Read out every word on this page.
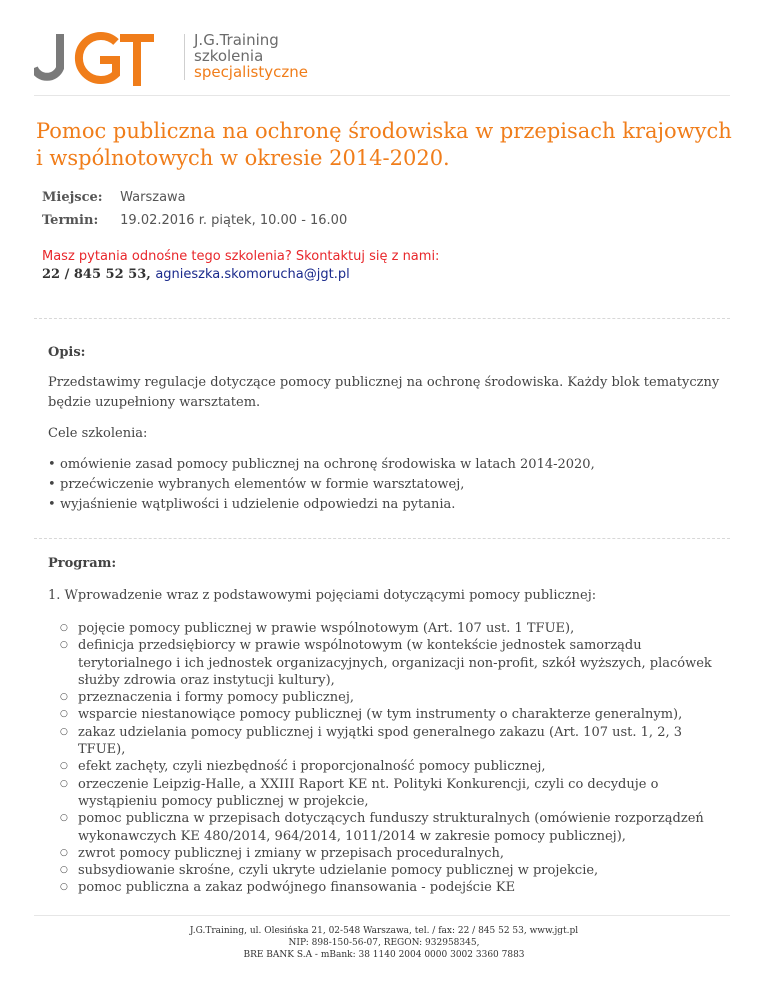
J.G.Training
szkolenia
specjalistyczne
Pomoc publiczna na ochronę środowiska w przepisach krajowych i wspólnotowych w okresie 2014-2020.
Miejsce: Warszawa
Termin: 19.02.2016 r. piątek, 10.00 - 16.00
Masz pytania odnośne tego szkolenia? Skontaktuj się z nami:
22 / 845 52 53, agnieszka.skomorucha@jgt.pl
Opis:
Przedstawimy regulacje dotyczące pomocy publicznej na ochronę środowiska. Każdy blok tematyczny będzie uzupełniony warsztatem.
Cele szkolenia:
• omówienie zasad pomocy publicznej na ochronę środowiska w latach 2014-2020,
• przećwiczenie wybranych elementów w formie warsztatowej,
• wyjaśnienie wątpliwości i udzielenie odpowiedzi na pytania.
Program:
1. Wprowadzenie wraz z podstawowymi pojęciami dotyczącymi pomocy publicznej:
○ pojęcie pomocy publicznej w prawie wspólnotowym (Art. 107 ust. 1 TFUE),
○ definicja przedsiębiorcy w prawie wspólnotowym (w kontekście jednostek samorządu terytorialnego i ich jednostek organizacyjnych, organizacji non-profit, szkół wyższych, placówek służby zdrowia oraz instytucji kultury),
○ przeznaczenia i formy pomocy publicznej,
○ wsparcie niestanowiące pomocy publicznej (w tym instrumenty o charakterze generalnym),
○ zakaz udzielania pomocy publicznej i wyjątki spod generalnego zakazu (Art. 107 ust. 1, 2, 3 TFUE),
○ efekt zachęty, czyli niezbędność i proporcjonalność pomocy publicznej,
○ orzeczenie Leipzig-Halle, a XXIII Raport KE nt. Polityki Konkurencji, czyli co decyduje o wystąpieniu pomocy publicznej w projekcie,
○ pomoc publiczna w przepisach dotyczących funduszy strukturalnych (omówienie rozporządzeń wykonawczych KE 480/2014, 964/2014, 1011/2014 w zakresie pomocy publicznej),
○ zwrot pomocy publicznej i zmiany w przepisach proceduralnych,
○ subsydiowanie skrośne, czyli ukryte udzielanie pomocy publicznej w projekcie,
○ pomoc publiczna a zakaz podwójnego finansowania - podejście KE
J.G.Training, ul. Olesińska 21, 02-548 Warszawa, tel. / fax: 22 / 845 52 53, www.jgt.pl
NIP: 898-150-56-07, REGON: 932958345,
BRE BANK S.A - mBank: 38 1140 2004 0000 3002 3360 7883
